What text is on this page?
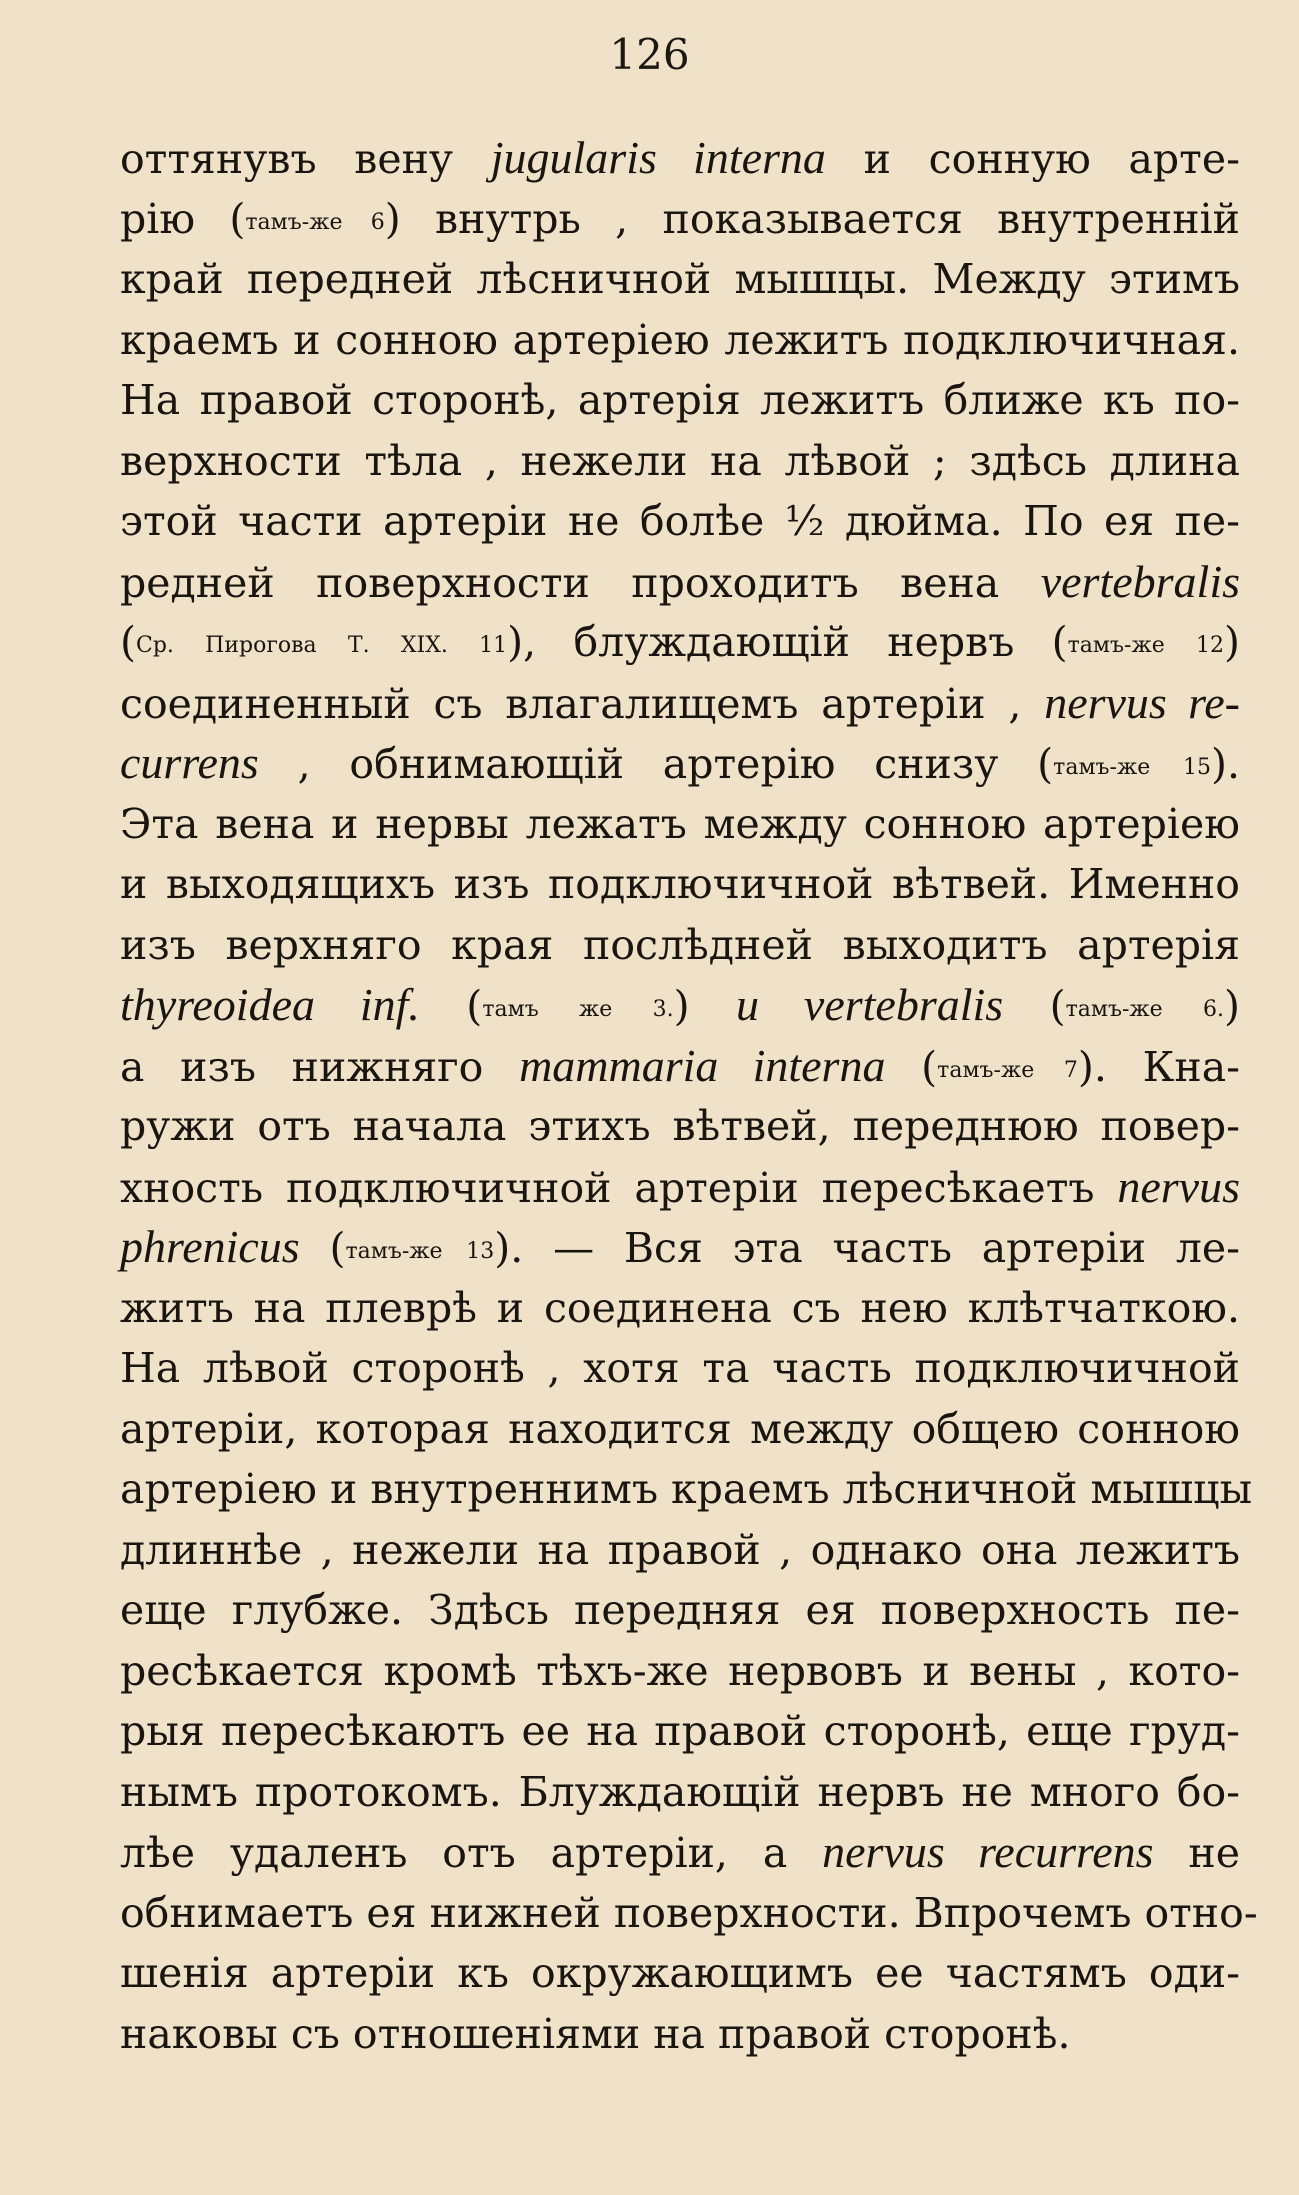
126
оттянувъ вену jugularis interna и сонную арте-
рію (тамъ-же 6) внутрь , показывается внутренній
край передней лѣсничной мышцы. Между этимъ
краемъ и сонною артеріею лежитъ подключичная.
На правой сторонѣ, артерія лежитъ ближе къ по-
верхности тѣла , нежели на лѣвой ; здѣсь длина
этой части артеріи не болѣе ½ дюйма. По ея пе-
редней поверхности проходитъ вена vertebralis
(Ср. Пирогова Т. XIX. 11), блуждающій нервъ (тамъ-же 12)
соединенный съ влагалищемъ артеріи , nervus re-
currens , обнимающій артерію снизу (тамъ-же 15).
Эта вена и нервы лежатъ между сонною артеріею
и выходящихъ изъ подключичной вѣтвей. Именно
изъ верхняго края послѣдней выходитъ артерія
thyreoidea inf. (тамъ же 3.) и vertebralis (тамъ-же 6.)
а изъ нижняго mammaria interna (тамъ-же 7). Кна-
ружи отъ начала этихъ вѣтвей, переднюю повер-
хность подключичной артеріи пересѣкаетъ nervus
phrenicus (тамъ-же 13). — Вся эта часть артеріи ле-
житъ на плеврѣ и соединена съ нею клѣтчаткою.
На лѣвой сторонѣ , хотя та часть подключичной
артеріи, которая находится между общею сонною
артеріею и внутреннимъ краемъ лѣсничной мышцы
длиннѣе , нежели на правой , однако она лежитъ
еще глубже. Здѣсь передняя ея поверхность пе-
ресѣкается кромѣ тѣхъ-же нервовъ и вены , кото-
рыя пересѣкаютъ ее на правой сторонѣ, еще груд-
нымъ протокомъ. Блуждающій нервъ не много бо-
лѣе удаленъ отъ артеріи, а nervus recurrens не
обнимаетъ ея нижней поверхности. Впрочемъ отно-
шенія артеріи къ окружающимъ ее частямъ оди-
наковы съ отношеніями на правой сторонѣ.
